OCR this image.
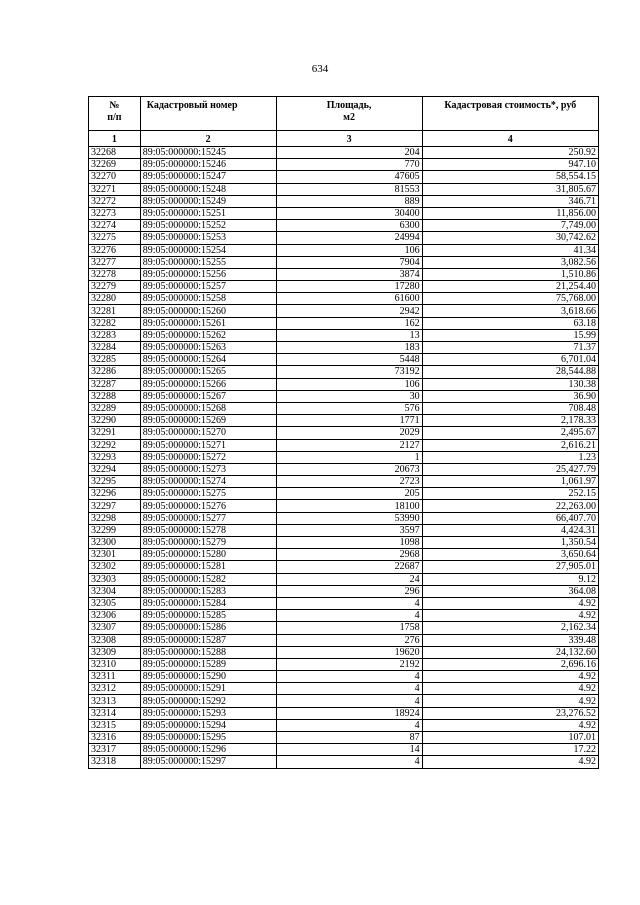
634
№
п/п	Кадастровый номер	Площадь,
м2	Кадастровая стоимость*, руб
1	2	3	4
32268	89:05:000000:15245	204	250.92
32269	89:05:000000:15246	770	947.10
32270	89:05:000000:15247	47605	58,554.15
32271	89:05:000000:15248	81553	31,805.67
32272	89:05:000000:15249	889	346.71
32273	89:05:000000:15251	30400	11,856.00
32274	89:05:000000:15252	6300	7,749.00
32275	89:05:000000:15253	24994	30,742.62
32276	89:05:000000:15254	106	41.34
32277	89:05:000000:15255	7904	3,082.56
32278	89:05:000000:15256	3874	1,510.86
32279	89:05:000000:15257	17280	21,254.40
32280	89:05:000000:15258	61600	75,768.00
32281	89:05:000000:15260	2942	3,618.66
32282	89:05:000000:15261	162	63.18
32283	89:05:000000:15262	13	15.99
32284	89:05:000000:15263	183	71.37
32285	89:05:000000:15264	5448	6,701.04
32286	89:05:000000:15265	73192	28,544.88
32287	89:05:000000:15266	106	130.38
32288	89:05:000000:15267	30	36.90
32289	89:05:000000:15268	576	708.48
32290	89:05:000000:15269	1771	2,178.33
32291	89:05:000000:15270	2029	2,495.67
32292	89:05:000000:15271	2127	2,616.21
32293	89:05:000000:15272	1	1.23
32294	89:05:000000:15273	20673	25,427.79
32295	89:05:000000:15274	2723	1,061.97
32296	89:05:000000:15275	205	252.15
32297	89:05:000000:15276	18100	22,263.00
32298	89:05:000000:15277	53990	66,407.70
32299	89:05:000000:15278	3597	4,424.31
32300	89:05:000000:15279	1098	1,350.54
32301	89:05:000000:15280	2968	3,650.64
32302	89:05:000000:15281	22687	27,905.01
32303	89:05:000000:15282	24	9.12
32304	89:05:000000:15283	296	364.08
32305	89:05:000000:15284	4	4.92
32306	89:05:000000:15285	4	4.92
32307	89:05:000000:15286	1758	2,162.34
32308	89:05:000000:15287	276	339.48
32309	89:05:000000:15288	19620	24,132.60
32310	89:05:000000:15289	2192	2,696.16
32311	89:05:000000:15290	4	4.92
32312	89:05:000000:15291	4	4.92
32313	89:05:000000:15292	4	4.92
32314	89:05:000000:15293	18924	23,276.52
32315	89:05:000000:15294	4	4.92
32316	89:05:000000:15295	87	107.01
32317	89:05:000000:15296	14	17.22
32318	89:05:000000:15297	4	4.92
